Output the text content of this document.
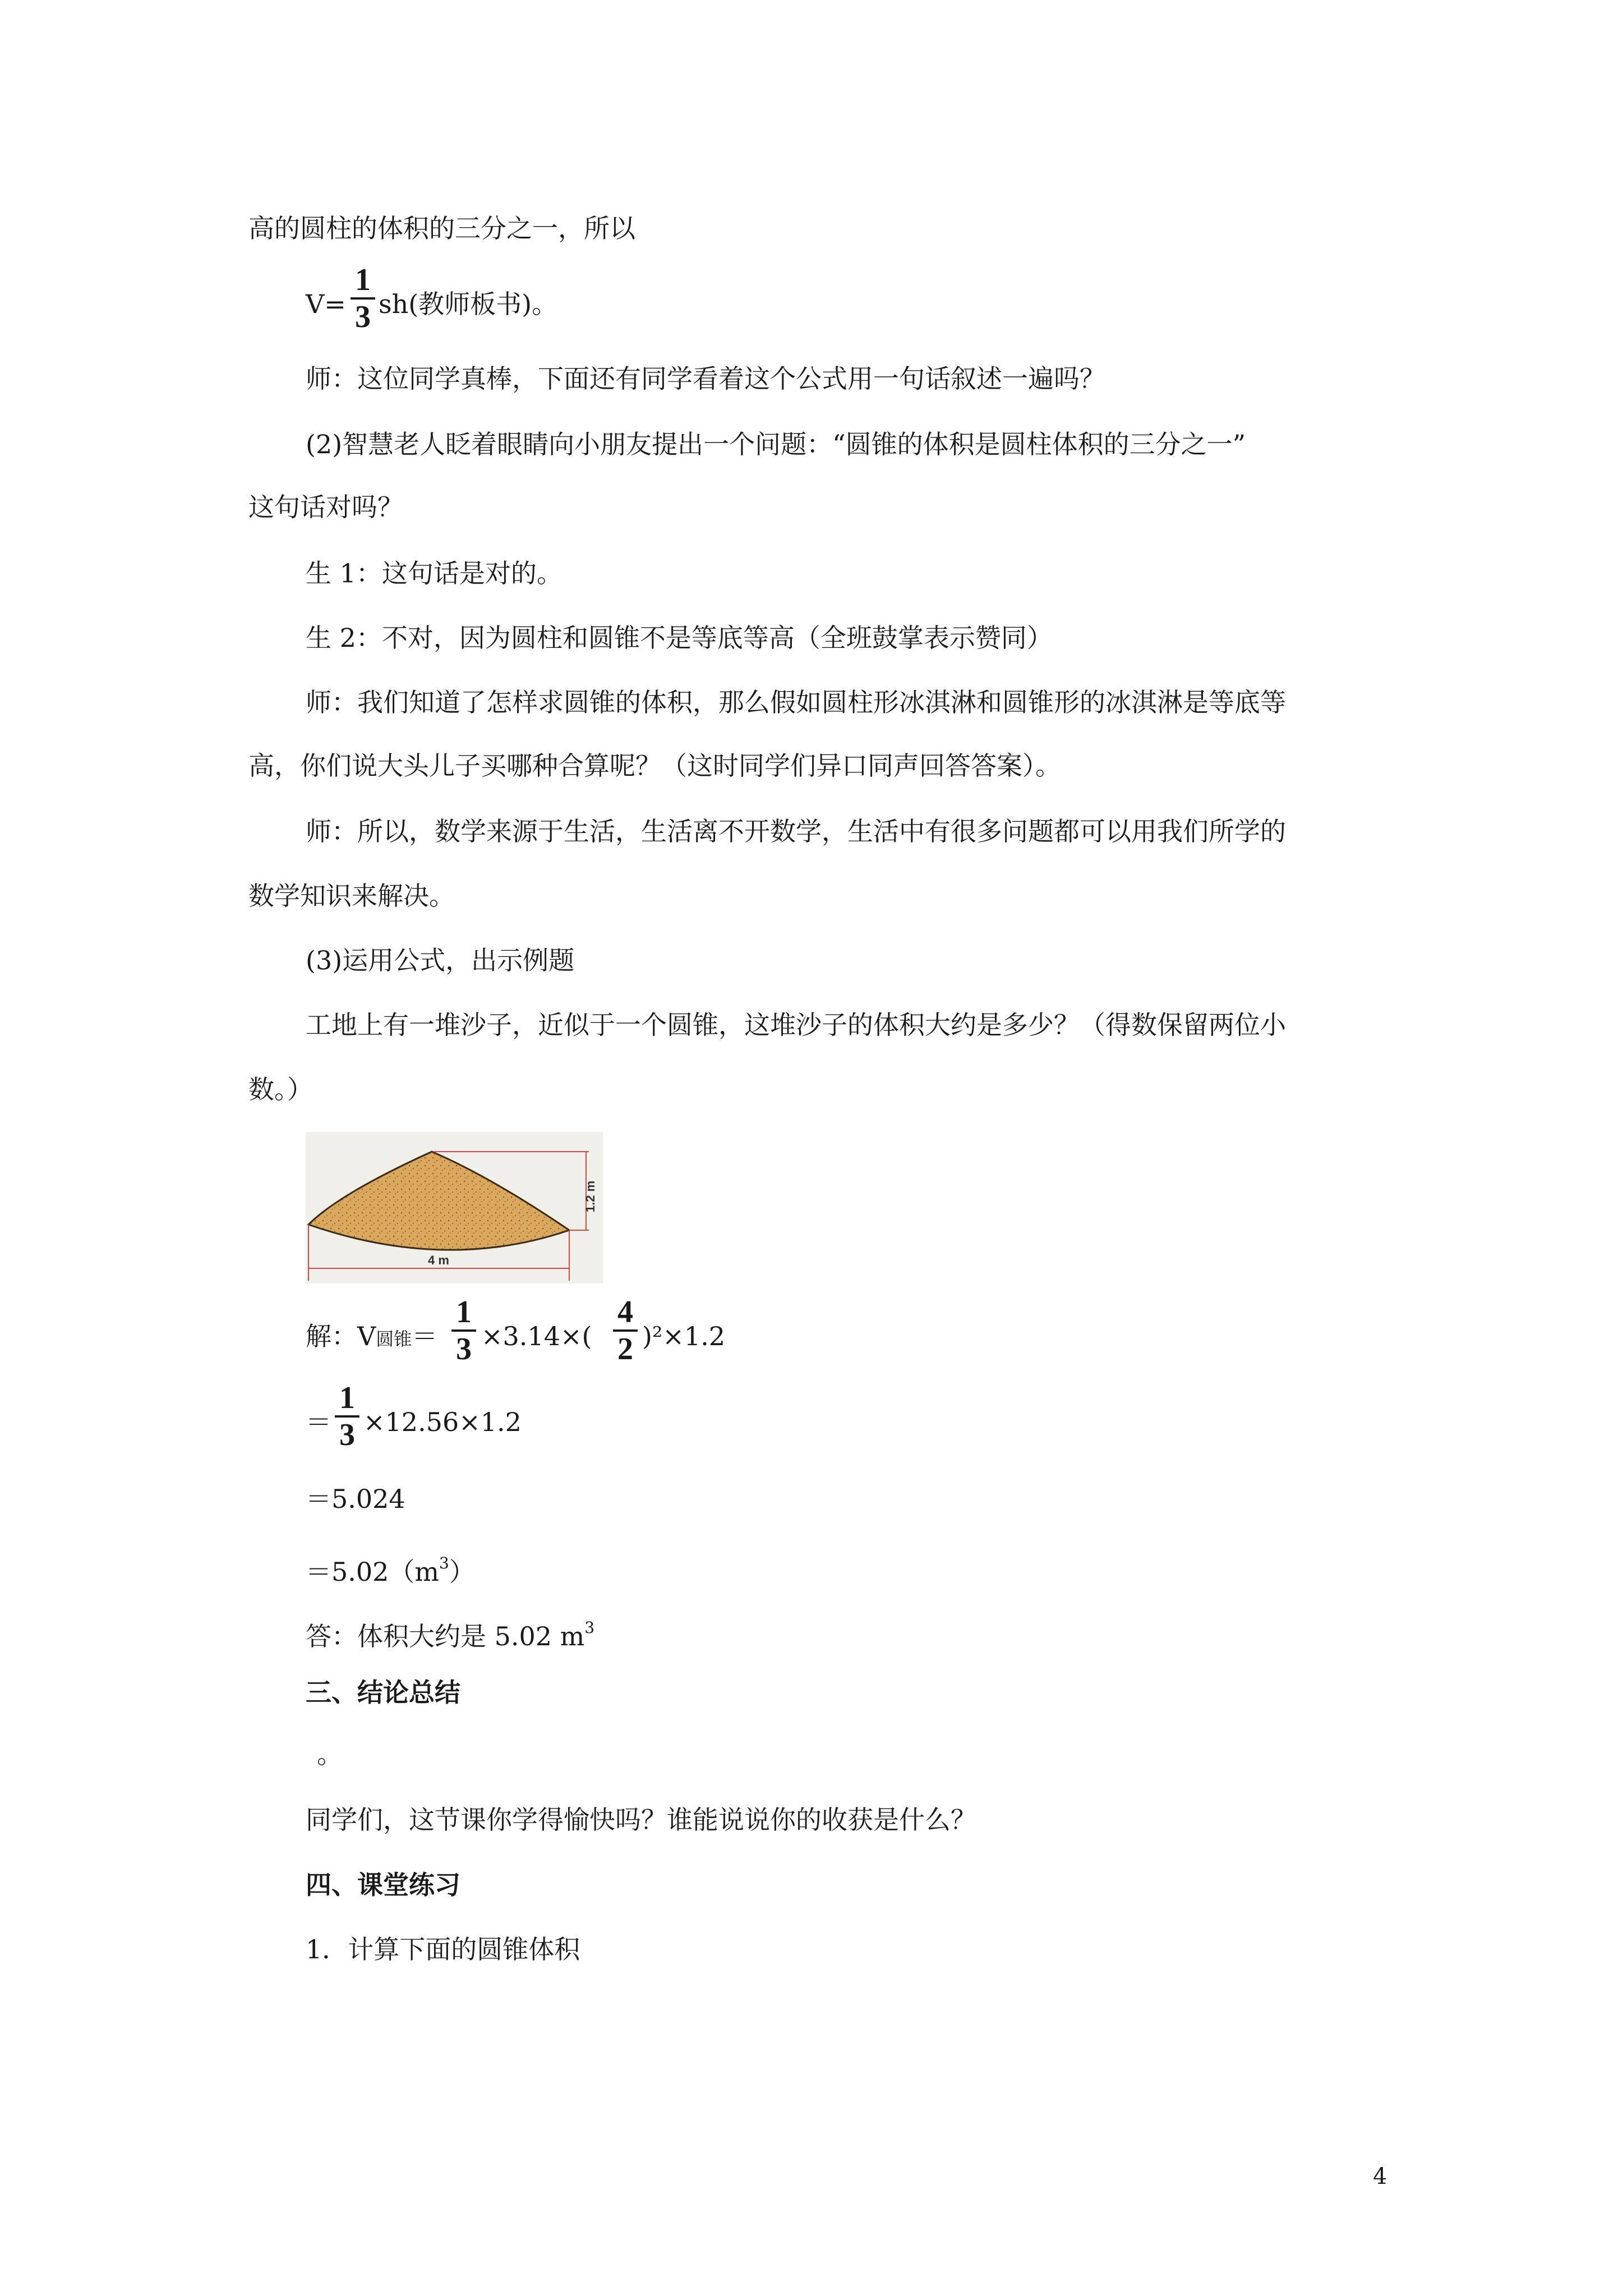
高的圆柱的体积的三分之一，所以
V=
1
3 sh(教师板书)。
师：这位同学真棒，下面还有同学看着这个公式用一句话叙述一遍吗？
(2)智慧老人眨着眼睛向小朋友提出一个问题：“圆锥的体积是圆柱体积的三分之一”
这句话对吗？
生 1：这句话是对的。
生 2：不对，因为圆柱和圆锥不是等底等高（全班鼓掌表示赞同）
师：我们知道了怎样求圆锥的体积，那么假如圆柱形冰淇淋和圆锥形的冰淇淋是等底等
高，你们说大头儿子买哪种合算呢？（这时同学们异口同声回答答案）。
师：所以，数学来源于生活，生活离不开数学，生活中有很多问题都可以用我们所学的
数学知识来解决。
(3)运用公式，出示例题
工地上有一堆沙子，近似于一个圆锥，这堆沙子的体积大约是多少？（得数保留两位小
数。）
1.2 m
4 m
解：V圆锥＝
1
3 ×3.14×(
4
2 )²×1.2
＝
1
3 ×12.56×1.2
＝5.024
$=5.02(m^3)$
答：体积大约是 5.02 $m^3$
三、结论总结
。
同学们，这节课你学得愉快吗？谁能说说你的收获是什么？
四、课堂练习
1．计算下面的圆锥体积
4
